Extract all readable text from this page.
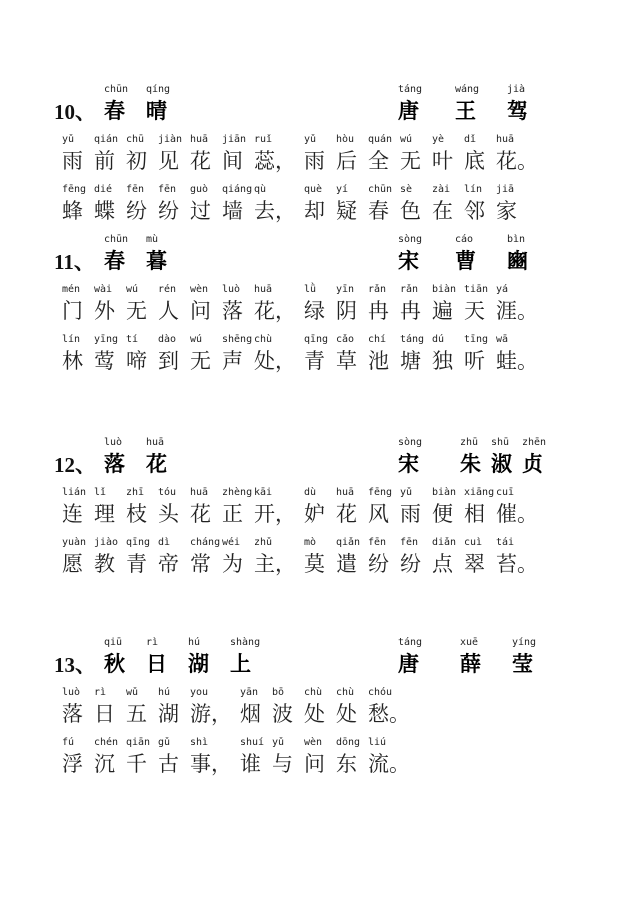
10、
chūn
春
qíng
晴
táng
唐
wáng
王
jià
驾
yǔ
雨
qián
前
chū
初
jiàn
见
huā
花
jiān
间
ruǐ
蕊，
yǔ
雨
hòu
后
quán
全
wú
无
yè
叶
dǐ
底
huā
花。
fēng
蜂
dié
蝶
fēn
纷
fēn
纷
guò
过
qiáng
墙
qù
去，
què
却
yí
疑
chūn
春
sè
色
zài
在
lín
邻
jiā
家
11、
chūn
春
mù
暮
sòng
宋
cáo
曹
bìn
豳
mén
门
wài
外
wú
无
rén
人
wèn
问
luò
落
huā
花，
lǜ
绿
yīn
阴
rǎn
冉
rǎn
冉
biàn
遍
tiān
天
yá
涯。
lín
林
yīng
莺
tí
啼
dào
到
wú
无
shēng
声
chù
处，
qīng
青
cǎo
草
chí
池
táng
塘
dú
独
tīng
听
wā
蛙。
12、
luò
落
huā
花
sòng
宋
zhū
朱
shū
淑
zhēn
贞
lián
连
lǐ
理
zhī
枝
tóu
头
huā
花
zhèng
正
kāi
开，
dù
妒
huā
花
fēng
风
yǔ
雨
biàn
便
xiāng
相
cuī
催。
yuàn
愿
jiào
教
qīng
青
dì
帝
cháng
常
wéi
为
zhǔ
主，
mò
莫
qiǎn
遣
fēn
纷
fēn
纷
diǎn
点
cuì
翠
tái
苔。
13、
qiū
秋
rì
日
hú
湖
shàng
上
táng
唐
xuē
薛
yíng
莹
luò
落
rì
日
wǔ
五
hú
湖
you
游，
yān
烟
bō
波
chù
处
chù
处
chóu
愁。
fú
浮
chén
沉
qiān
千
gǔ
古
shì
事，
shuí
谁
yǔ
与
wèn
问
dōng
东
liú
流。
